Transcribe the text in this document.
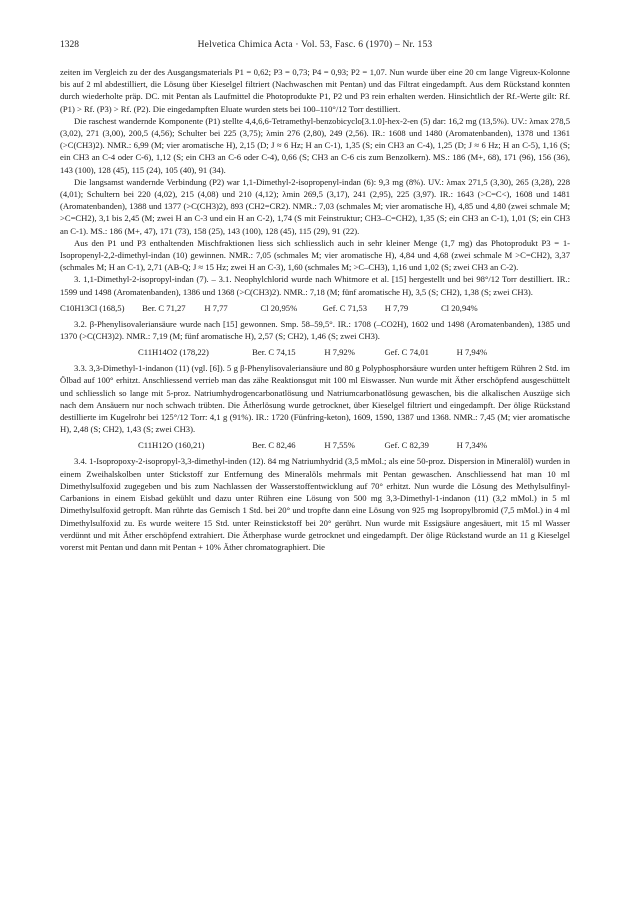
1328	Helvetica Chimica Acta · Vol. 53, Fasc. 6 (1970) – Nr. 153

zeiten im Vergleich zu der des Ausgangsmaterials P1 = 0,62; P3 = 0,73; P4 = 0,93; P2 = 1,07. Nun wurde über eine 20 cm lange Vigreux-Kolonne bis auf 2 ml abdestilliert, die Lösung über Kieselgel filtriert (Nachwaschen mit Pentan) und das Filtrat eingedampft. Aus dem Rückstand konnten durch wiederholte präp. DC. mit Pentan als Laufmittel die Photoprodukte P1, P2 und P3 rein erhalten werden. Hinsichtlich der Rf.-Werte gilt: Rf. (P1) > Rf. (P3) > Rf. (P2). Die eingedampften Eluate wurden stets bei 100–110°/12 Torr destilliert.

Die raschest wandernde Komponente (P1) stellte 4,4,6,6-Tetramethyl-benzobicyclo[3.1.0]-hex-2-en (5) dar: 16,2 mg (13,5%). UV.: λmax 278,5 (3,02), 271 (3,00), 200,5 (4,56); Schulter bei 225 (3,75); λmin 276 (2,80), 249 (2,56). IR.: 1608 und 1480 (Aromatenbanden), 1378 und 1361 (>C(CH3)2). NMR.: 6,99 (M; vier aromatische H), 2,15 (D; J ≈ 6 Hz; H an C-1), 1,35 (S; ein CH3 an C-4), 1,25 (D; J ≈ 6 Hz; H an C-5), 1,16 (S; ein CH3 an C-4 oder C-6), 1,12 (S; ein CH3 an C-6 oder C-4), 0,66 (S; CH3 an C-6 cis zum Benzolkern). MS.: 186 (M+, 68), 171 (96), 156 (36), 143 (100), 128 (45), 115 (24), 105 (40), 91 (34).

Die langsamst wandernde Verbindung (P2) war 1,1-Dimethyl-2-isopropenyl-indan (6): 9,3 mg (8%). UV.: λmax 271,5 (3,30), 265 (3,28), 228 (4,01); Schultern bei 220 (4,02), 215 (4,08) und 210 (4,12); λmin 269,5 (3,17), 241 (2,95), 225 (3,97). IR.: 1643 (>C=C<), 1608 und 1481 (Aromatenbanden), 1388 und 1377 (>C(CH3)2), 893 (CH2=CR2). NMR.: 7,03 (schmales M; vier aromatische H), 4,85 und 4,80 (zwei schmale M; >C=CH2), 3,1 bis 2,45 (M; zwei H an C-3 und ein H an C-2), 1,74 (S mit Feinstruktur; CH3–C=CH2), 1,35 (S; ein CH3 an C-1), 1,01 (S; ein CH3 an C-1). MS.: 186 (M+, 47), 171 (73), 158 (25), 143 (100), 128 (45), 115 (29), 91 (22).

Aus den P1 und P3 enthaltenden Mischfraktionen liess sich schliesslich auch in sehr kleiner Menge (1,7 mg) das Photoprodukt P3 = 1-Isopropenyl-2,2-dimethyl-indan (10) gewinnen. NMR.: 7,05 (schmales M; vier aromatische H), 4,84 und 4,68 (zwei schmale M >C=CH2), 3,37 (schmales M; H an C-1), 2,71 (AB-Q; J ≈ 15 Hz; zwei H an C-3), 1,60 (schmales M; >C–CH3), 1,16 und 1,02 (S; zwei CH3 an C-2).

3. 1,1-Dimethyl-2-isopropyl-indan (7). – 3.1. Neophylchlorid wurde nach Whitmore et al. [15] hergestellt und bei 98°/12 Torr destilliert. IR.: 1599 und 1498 (Aromatenbanden), 1386 und 1368 (>C(CH3)2). NMR.: 7,18 (M; fünf aromatische H), 3,5 (S; CH2), 1,38 (S; zwei CH3).

C10H13Cl (168,5) Ber. C 71,27 H 7,77	Cl 20,95%	Gef. C 71,53 H 7,79	Cl 20,94%

3.2. β-Phenylisovaleriansäure wurde nach [15] gewonnen. Smp. 58–59,5°. IR.: 1708 (–CO2H), 1602 und 1498 (Aromatenbanden), 1385 und 1370 (>C(CH3)2). NMR.: 7,19 (M; fünf aromatische H), 2,57 (S; CH2), 1,46 (S; zwei CH3).

C11H14O2 (178,22)	Ber. C 74,15	H 7,92%	Gef. C 74,01	H 7,94%

3.3. 3,3-Dimethyl-1-indanon (11) (vgl. [6]). 5 g β-Phenylisovaleriansäure und 80 g Polyphosphorsäure wurden unter heftigem Rühren 2 Std. im Ölbad auf 100° erhitzt. Anschliessend verrieb man das zähe Reaktionsgut mit 100 ml Eiswasser. Nun wurde mit Äther erschöpfend ausgeschüttelt und schliesslich so lange mit 5-proz. Natriumhydrogencarbonatlösung und Natriumcarbonatlösung gewaschen, bis die alkalischen Auszüge sich nach dem Ansäuern nur noch schwach trübten. Die Ätherlösung wurde getrocknet, über Kieselgel filtriert und eingedampft. Der ölige Rückstand destillierte im Kugelrohr bei 125°/12 Torr: 4,1 g (91%). IR.: 1720 (Fünfring-keton), 1609, 1590, 1387 und 1368. NMR.: 7,45 (M; vier aromatische H), 2,48 (S; CH2), 1,43 (S; zwei CH3).

C11H12O (160,21)	Ber. C 82,46	H 7,55%	Gef. C 82,39	H 7,34%

3.4. 1-Isopropoxy-2-isopropyl-3,3-dimethyl-inden (12). 84 mg Natriumhydrid (3,5 mMol.; als eine 50-proz. Dispersion in Mineralöl) wurden in einem Zweihalskolben unter Stickstoff zur Entfernung des Mineralöls mehrmals mit Pentan gewaschen. Anschliessend hat man 10 ml Dimethylsulfoxid zugegeben und bis zum Nachlassen der Wasserstoffentwicklung auf 70° erhitzt. Nun wurde die Lösung des Methylsulfinyl-Carbanions in einem Eisbad gekühlt und dazu unter Rühren eine Lösung von 500 mg 3,3-Dimethyl-1-indanon (11) (3,2 mMol.) in 5 ml Dimethylsulfoxid getropft. Man rührte das Gemisch 1 Std. bei 20° und tropfte dann eine Lösung von 925 mg Isopropylbromid (7,5 mMol.) in 4 ml Dimethylsulfoxid zu. Es wurde weitere 15 Std. unter Reinstickstoff bei 20° gerührt. Nun wurde mit Essigsäure angesäuert, mit 15 ml Wasser verdünnt und mit Äther erschöpfend extrahiert. Die Ätherphase wurde getrocknet und eingedampft. Der ölige Rückstand wurde an 11 g Kieselgel vorerst mit Pentan und dann mit Pentan + 10% Äther chromatographiert. Die
